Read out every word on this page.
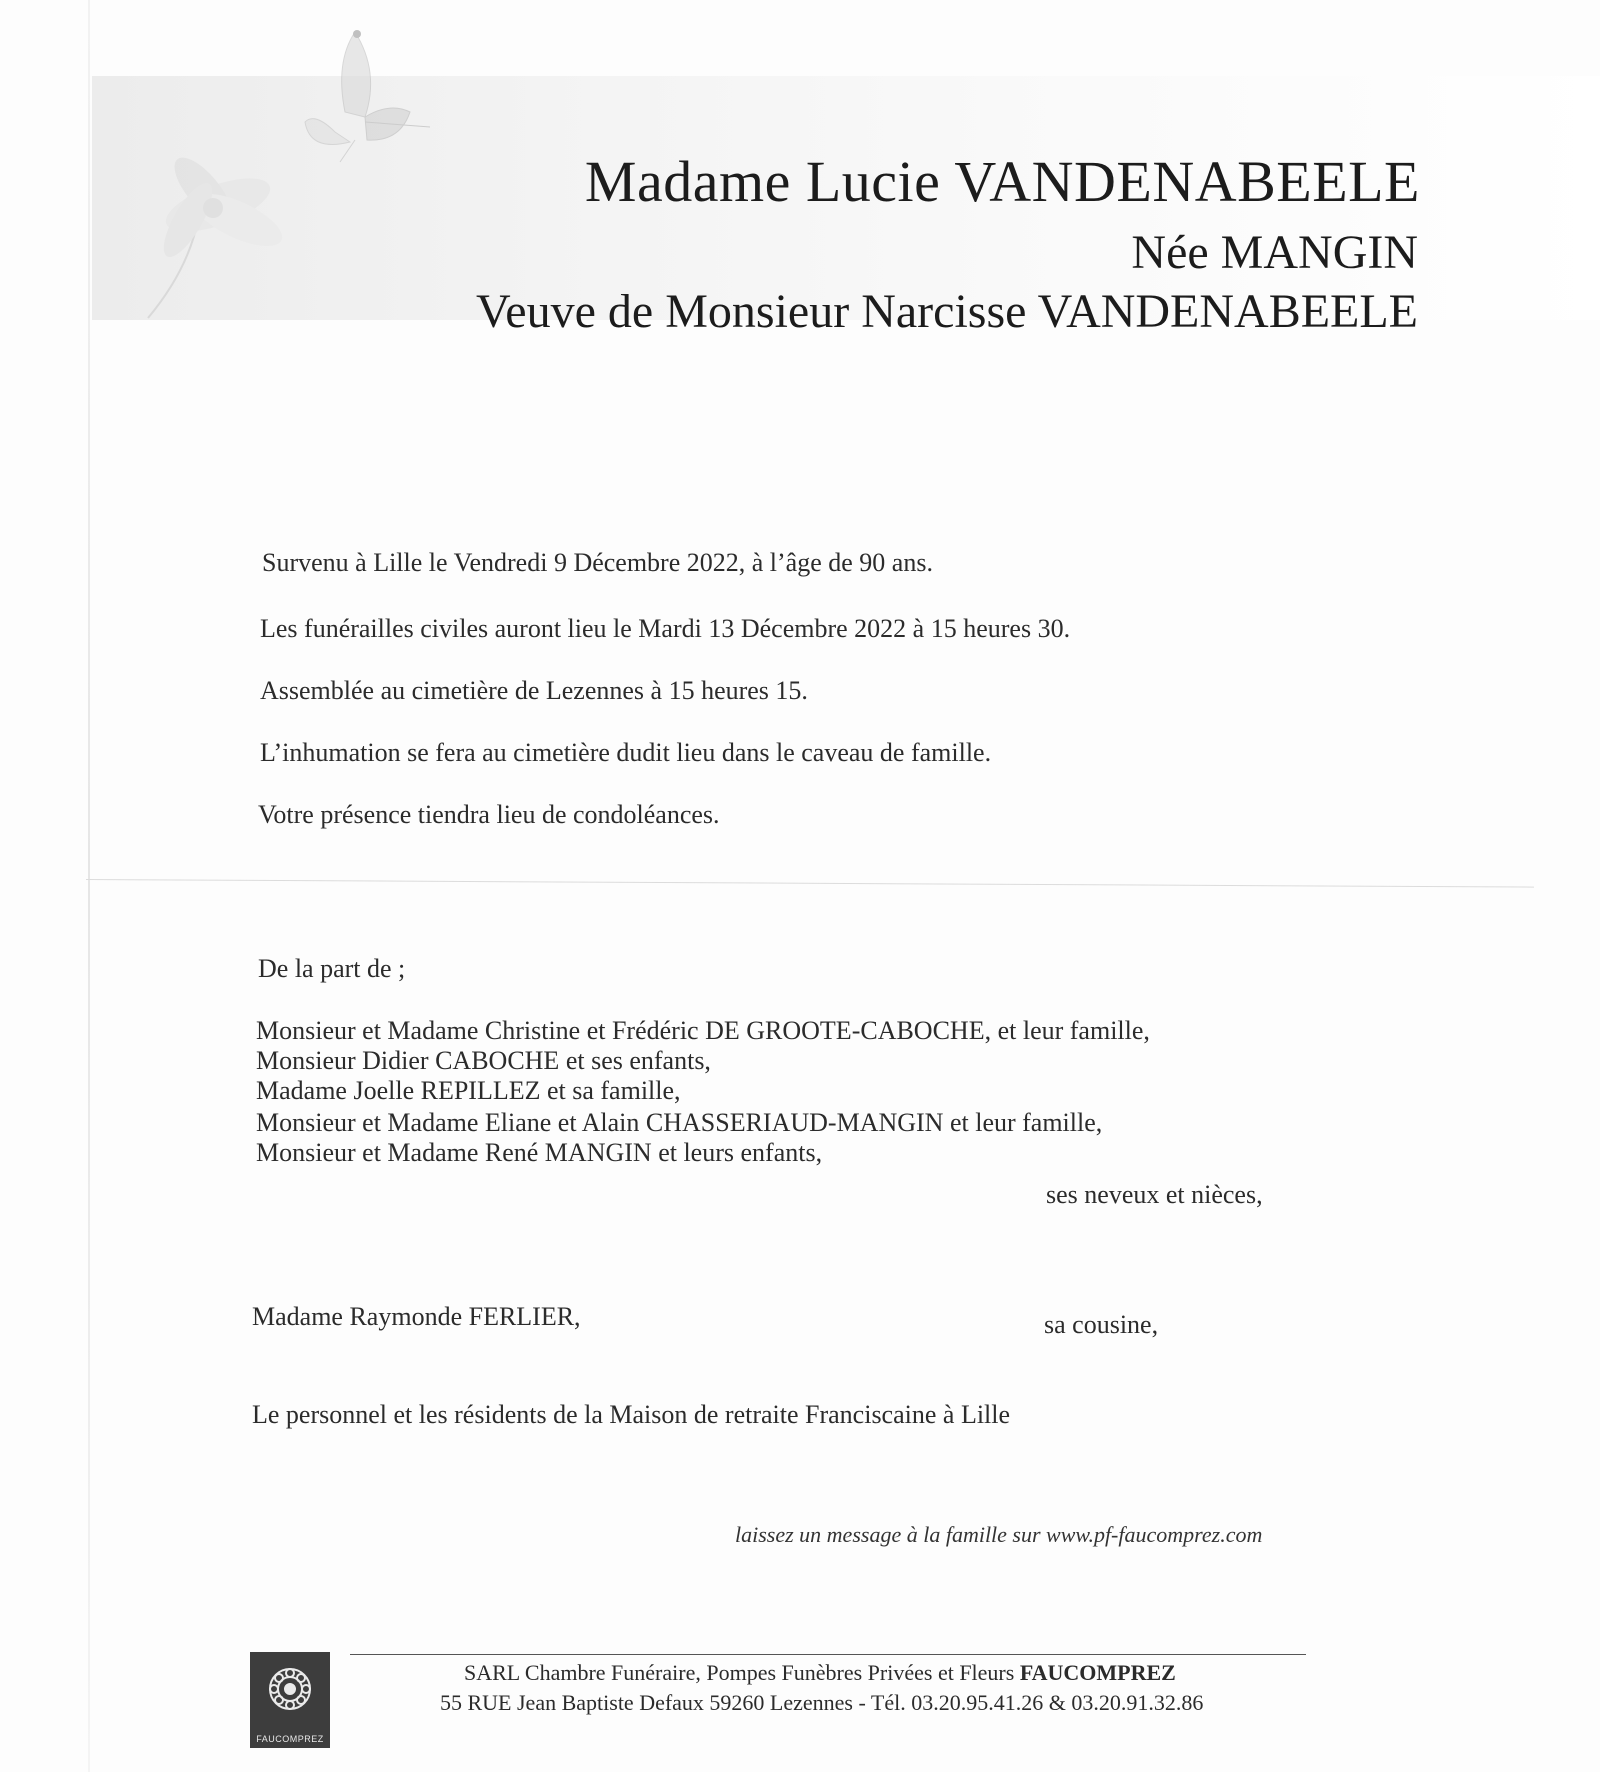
Madame Lucie VANDENABEELE
Née MANGIN
Veuve de Monsieur Narcisse VANDENABEELE
Survenu à Lille le Vendredi 9 Décembre 2022, à l’âge de 90 ans.
Les funérailles civiles auront lieu le Mardi 13 Décembre 2022 à 15 heures 30.
Assemblée au cimetière de Lezennes à 15 heures 15.
L’inhumation se fera au cimetière dudit lieu dans le caveau de famille.
Votre présence tiendra lieu de condoléances.
De la part de ;
Monsieur et Madame Christine et Frédéric DE GROOTE-CABOCHE, et leur famille,
Monsieur Didier CABOCHE et ses enfants,
Madame Joelle REPILLEZ et sa famille,
Monsieur et Madame Eliane et Alain CHASSERIAUD-MANGIN et leur famille,
Monsieur et Madame René MANGIN et leurs enfants,
ses neveux et nièces,
Madame Raymonde FERLIER,	sa cousine,
Le personnel et les résidents de la Maison de retraite Franciscaine à Lille
laissez un message à la famille sur www.pf-faucomprez.com
FAUCOMPREZ
SARL Chambre Funéraire, Pompes Funèbres Privées et Fleurs FAUCOMPREZ
55 RUE Jean Baptiste Defaux 59260 Lezennes - Tél. 03.20.95.41.26 & 03.20.91.32.86
